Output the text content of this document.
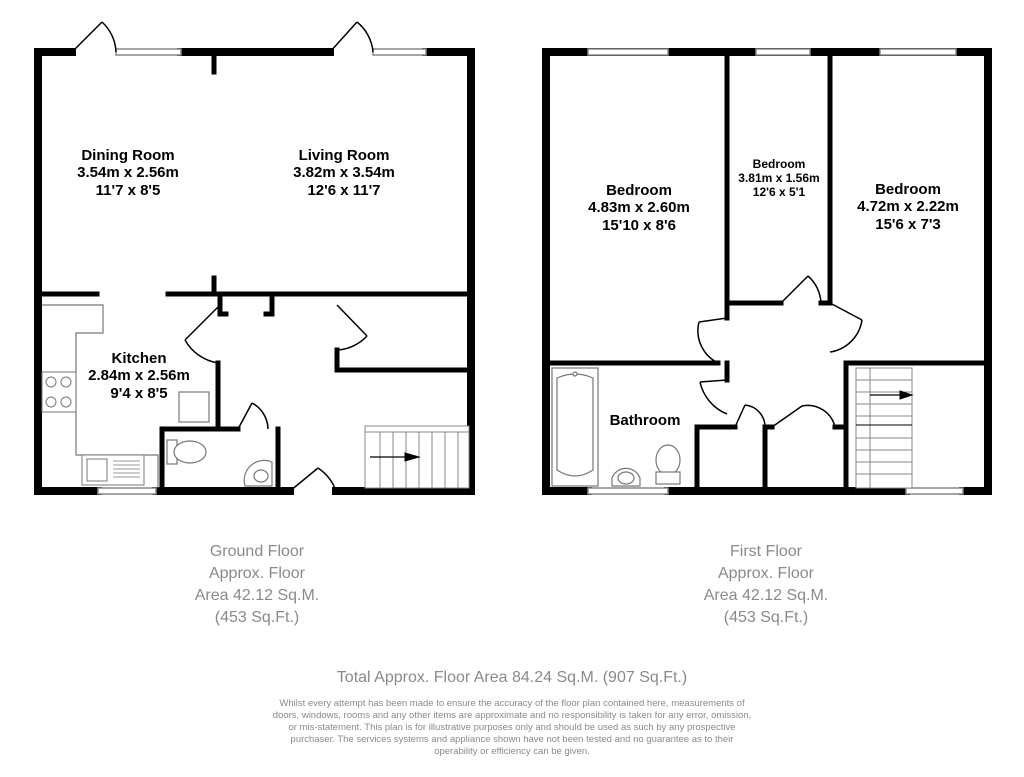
Dining Room
3.54m x 2.56m
11'7 x 8'5
Living Room
3.82m x 3.54m
12'6 x 11'7
Kitchen
2.84m x 2.56m
9'4 x 8'5
Bedroom
4.83m x 2.60m
15'10 x 8'6
Bedroom
3.81m x 1.56m
12'6 x 5'1	Bedroom
4.72m x 2.22m
15'6 x 7'3
Bathroom
Ground Floor
Approx. Floor
Area 42.12 Sq.M.
(453 Sq.Ft.)
First Floor
Approx. Floor
Area 42.12 Sq.M.
(453 Sq.Ft.)
Total Approx. Floor Area 84.24 Sq.M. (907 Sq.Ft.)
Whilst every attempt has been made to ensure the accuracy of the floor plan contained here, measurements of doors, windows, rooms and any other items are approximate and no responsibility is taken for any error, omission, or mis-statement. This plan is for illustrative purposes only and should be used as such by any prospective purchaser. The services systems and appliance shown have not been tested and no guarantee as to their operability or efficiency can be given.
